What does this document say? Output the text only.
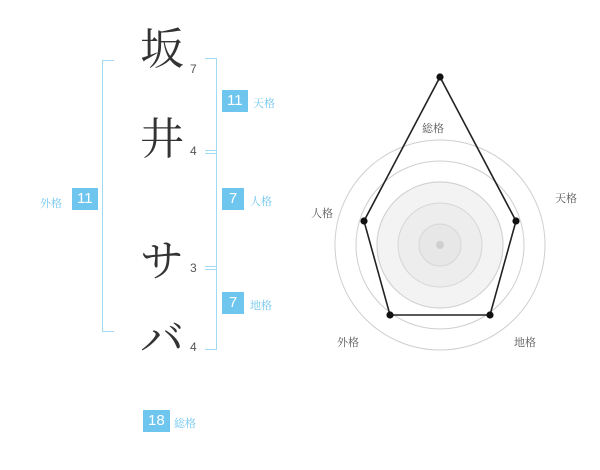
坂 7
井 4
サ 3
バ 4
11 天格
7	人格
7	地格
外格	11
18 総格
総格
天格
地格
外格
人格
